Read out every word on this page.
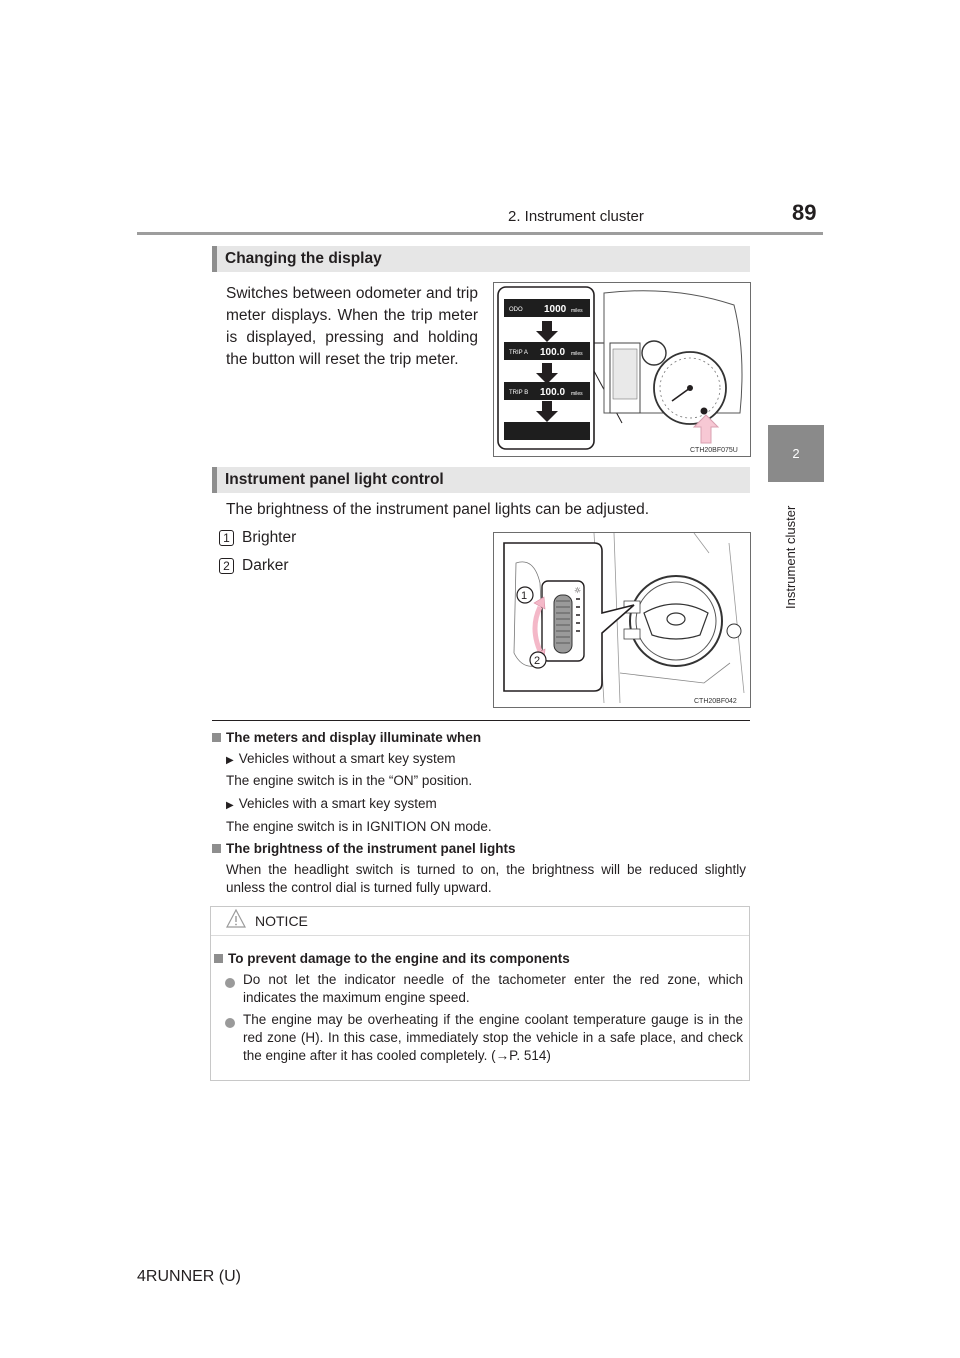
2. Instrument cluster	89
2
Instrument cluster
Changing the display
Switches between odometer and trip meter displays. When the trip meter is displayed, pressing and holding the button will reset the trip meter.
ODO 1000 miles
TRIP A 100.0 miles
TRIP B 100.0 miles
CTH20BF075U
Instrument panel light control
The brightness of the instrument panel lights can be adjusted.
1 Brighter
2 Darker
☼
1
2
CTH20BF042
The meters and display illuminate when
▶ Vehicles without a smart key system
The engine switch is in the “ON” position.
▶ Vehicles with a smart key system
The engine switch is in IGNITION ON mode.
The brightness of the instrument panel lights
When the headlight switch is turned to on, the brightness will be reduced slightly unless the control dial is turned fully upward.
NOTICE
To prevent damage to the engine and its components
Do not let the indicator needle of the tachometer enter the red zone, which indicates the maximum engine speed.
The engine may be overheating if the engine coolant temperature gauge is in the red zone (H). In this case, immediately stop the vehicle in a safe place, and check the engine after it has cooled completely. (→P. 514)
4RUNNER (U)
